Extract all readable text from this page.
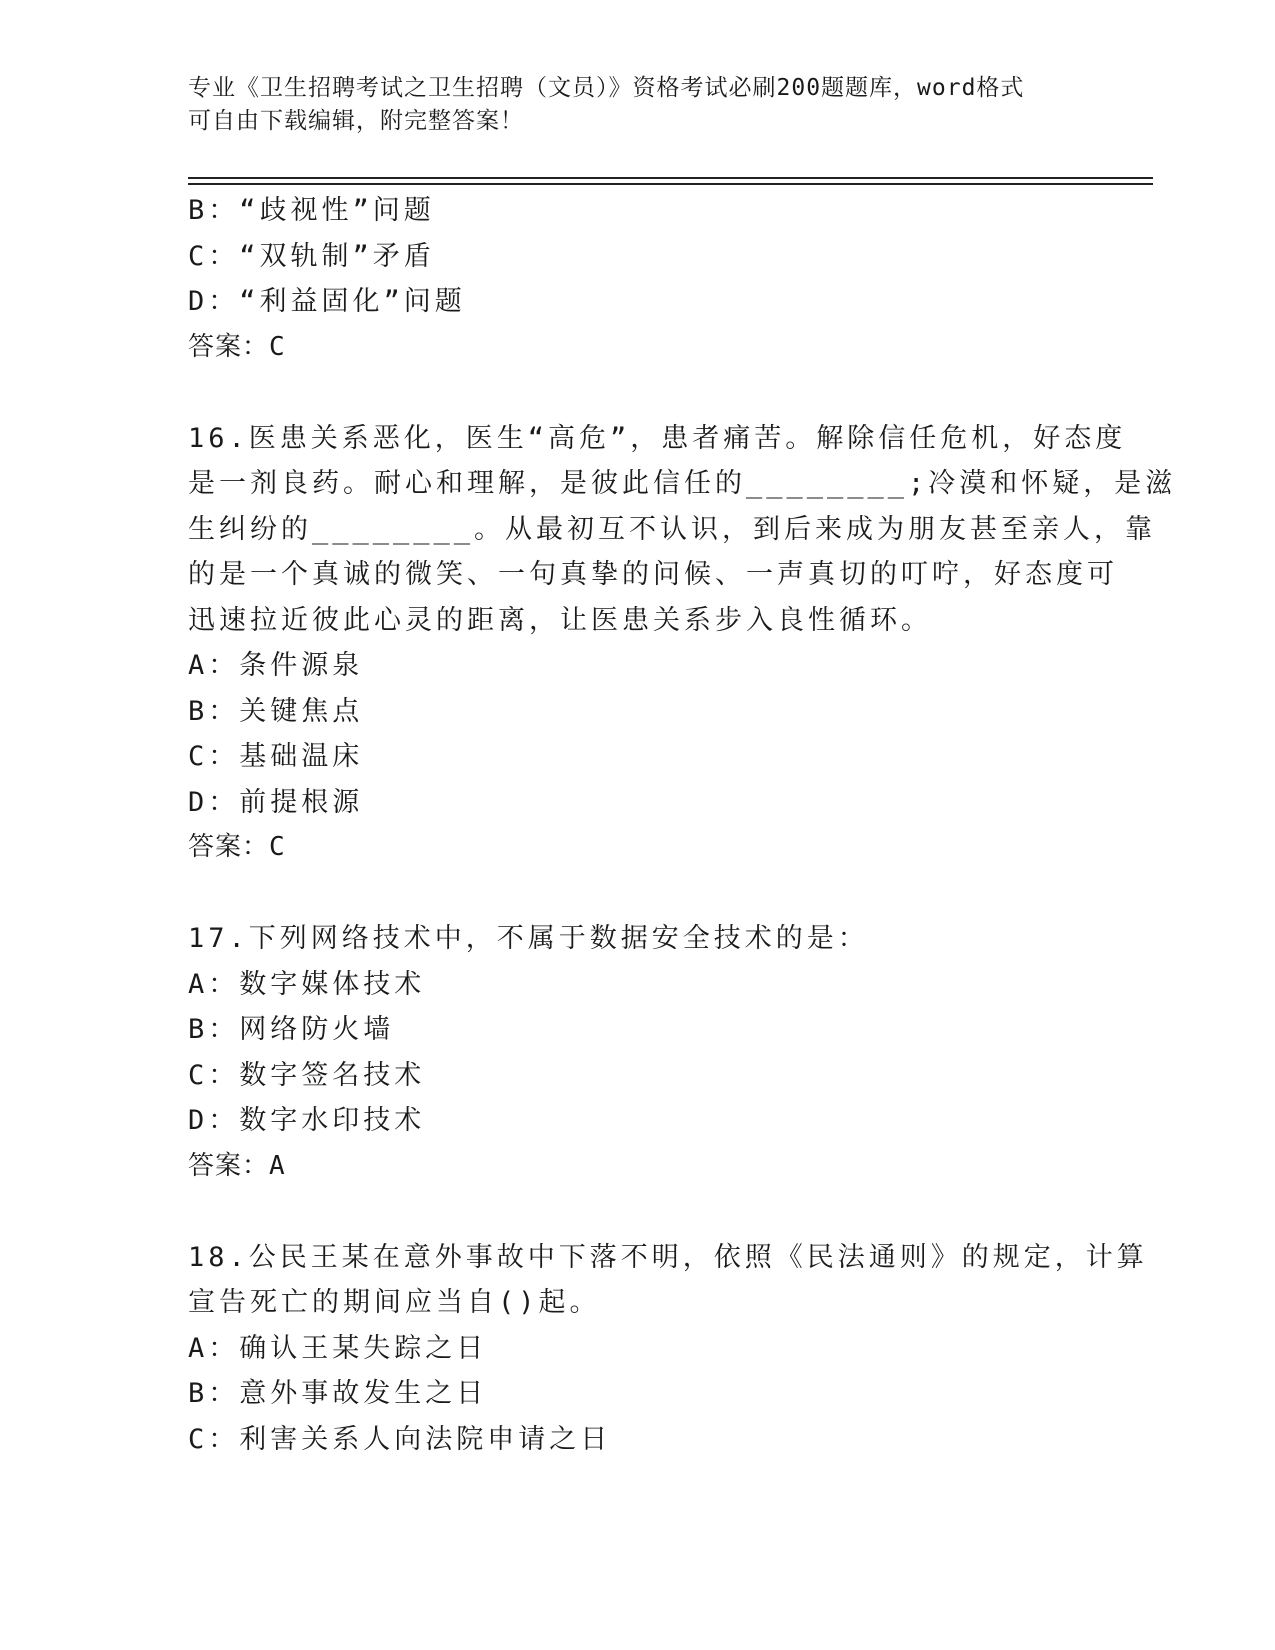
专业《卫生招聘考试之卫生招聘（文员）》资格考试必刷200题题库，word格式
可自由下载编辑，附完整答案！
B：“歧视性”问题
C：“双轨制”矛盾
D：“利益固化”问题
答案：C
16.医患关系恶化，医生“高危”，患者痛苦。解除信任危机，好态度
是一剂良药。耐心和理解，是彼此信任的________;冷漠和怀疑，是滋
生纠纷的________。从最初互不认识，到后来成为朋友甚至亲人，靠
的是一个真诚的微笑、一句真挚的问候、一声真切的叮咛，好态度可
迅速拉近彼此心灵的距离，让医患关系步入良性循环。
A：条件源泉
B：关键焦点
C：基础温床
D：前提根源
答案：C
17.下列网络技术中，不属于数据安全技术的是：
A：数字媒体技术
B：网络防火墙
C：数字签名技术
D：数字水印技术
答案：A
18.公民王某在意外事故中下落不明，依照《民法通则》的规定，计算
宣告死亡的期间应当自()起。
A：确认王某失踪之日
B：意外事故发生之日
C：利害关系人向法院申请之日
